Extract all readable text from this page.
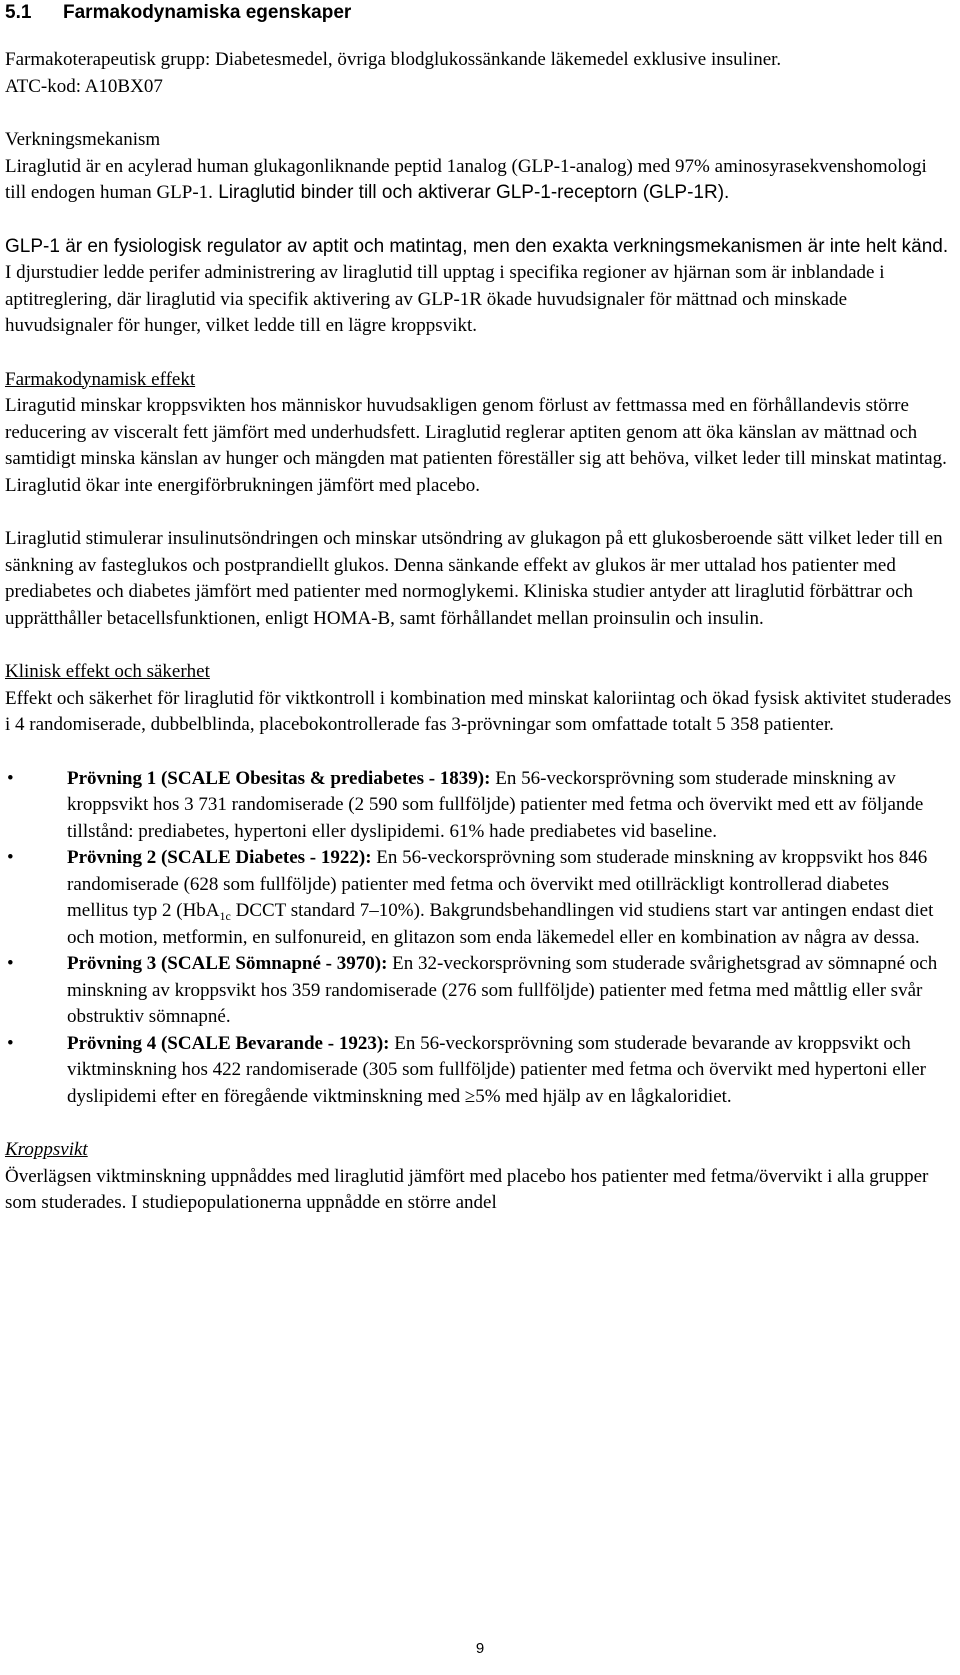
5.1	Farmakodynamiska egenskaper

Farmakoterapeutisk grupp: Diabetesmedel, övriga blodglukossänkande läkemedel exklusive insuliner.

ATC-kod: A10BX07

Verkningsmekanism

Liraglutid är en acylerad human glukagonliknande peptid 1analog (GLP-1-analog) med 97% aminosyrasekvenshomologi till endogen human GLP-1. Liraglutid binder till och aktiverar GLP-1-receptorn (GLP-1R).

GLP-1 är en fysiologisk regulator av aptit och matintag, men den exakta verkningsmekanismen är inte helt känd. I djurstudier ledde perifer administrering av liraglutid till upptag i specifika regioner av hjärnan som är inblandade i aptitreglering, där liraglutid via specifik aktivering av GLP-1R ökade huvudsignaler för mättnad och minskade huvudsignaler för hunger, vilket ledde till en lägre kroppsvikt.

Farmakodynamisk effekt

Liragutid minskar kroppsvikten hos människor huvudsakligen genom förlust av fettmassa med en förhållandevis större reducering av visceralt fett jämfört med underhudsfett. Liraglutid reglerar aptiten genom att öka känslan av mättnad och samtidigt minska känslan av hunger och mängden mat patienten föreställer sig att behöva, vilket leder till minskat matintag. Liraglutid ökar inte energiförbrukningen jämfört med placebo.

Liraglutid stimulerar insulinutsöndringen och minskar utsöndring av glukagon på ett glukosberoende sätt vilket leder till en sänkning av fasteglukos och postprandiellt glukos. Denna sänkande effekt av glukos är mer uttalad hos patienter med prediabetes och diabetes jämfört med patienter med normoglykemi. Kliniska studier antyder att liraglutid förbättrar och upprätthåller betacellsfunktionen, enligt HOMA-B, samt förhållandet mellan proinsulin och insulin.

Klinisk effekt och säkerhet

Effekt och säkerhet för liraglutid för viktkontroll i kombination med minskat kaloriintag och ökad fysisk aktivitet studerades i 4 randomiserade, dubbelblinda, placebokontrollerade fas 3-prövningar som omfattade totalt 5 358 patienter.

•	Prövning 1 (SCALE Obesitas & prediabetes - 1839): En 56-veckorsprövning som studerade minskning av kroppsvikt hos 3 731 randomiserade (2 590 som fullföljde) patienter med fetma och övervikt med ett av följande tillstånd: prediabetes, hypertoni eller dyslipidemi. 61% hade prediabetes vid baseline.
•	Prövning 2 (SCALE Diabetes - 1922): En 56-veckorsprövning som studerade minskning av kroppsvikt hos 846 randomiserade (628 som fullföljde) patienter med fetma och övervikt med otillräckligt kontrollerad diabetes mellitus typ 2 (HbA$_{1c}$ DCCT standard 7–10%). Bakgrundsbehandlingen vid studiens start var antingen endast diet och motion, metformin, en sulfonureid, en glitazon som enda läkemedel eller en kombination av några av dessa.
•	Prövning 3 (SCALE Sömnapné - 3970): En 32-veckorsprövning som studerade svårighetsgrad av sömnapné och minskning av kroppsvikt hos 359 randomiserade (276 som fullföljde) patienter med fetma med måttlig eller svår obstruktiv sömnapné.
•	Prövning 4 (SCALE Bevarande - 1923): En 56-veckorsprövning som studerade bevarande av kroppsvikt och viktminskning hos 422 randomiserade (305 som fullföljde) patienter med fetma och övervikt med hypertoni eller dyslipidemi efter en föregående viktminskning med ≥5% med hjälp av en lågkaloridiet.

Kroppsvikt

Överlägsen viktminskning uppnåddes med liraglutid jämfört med placebo hos patienter med fetma/övervikt i alla grupper som studerades. I studiepopulationerna uppnådde en större andel

9
